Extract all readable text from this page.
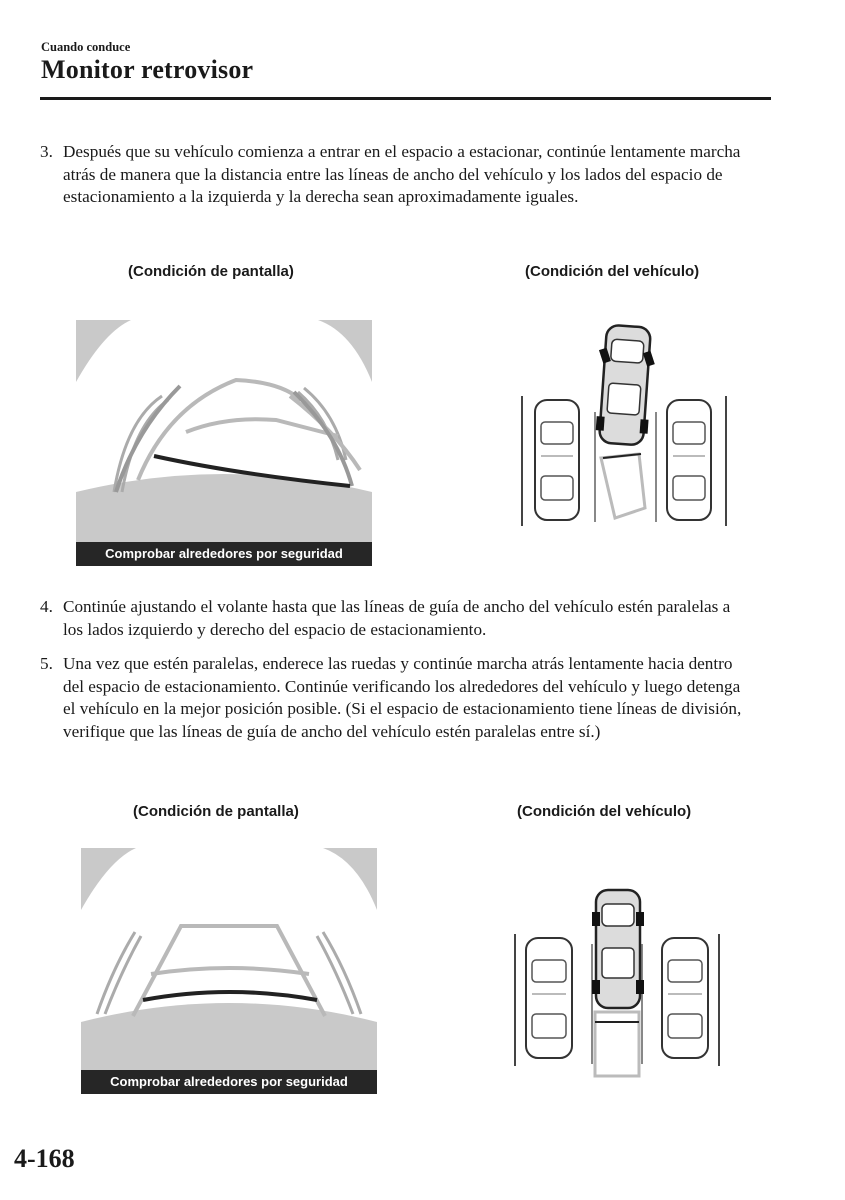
Cuando conduce
Monitor retrovisor
3. Después que su vehículo comienza a entrar en el espacio a estacionar, continúe lentamente marcha atrás de manera que la distancia entre las líneas de ancho del vehículo y los lados del espacio de estacionamiento a la izquierda y la derecha sean aproximadamente iguales.
(Condición de pantalla)	(Condición del vehículo)
Comprobar alrededores por seguridad
4. Continúe ajustando el volante hasta que las líneas de guía de ancho del vehículo estén paralelas a los lados izquierdo y derecho del espacio de estacionamiento.
5. Una vez que estén paralelas, enderece las ruedas y continúe marcha atrás lentamente hacia dentro del espacio de estacionamiento. Continúe verificando los alrededores del vehículo y luego detenga el vehículo en la mejor posición posible. (Si el espacio de estacionamiento tiene líneas de división, verifique que las líneas de guía de ancho del vehículo estén paralelas entre sí.)
(Condición de pantalla)	(Condición del vehículo)
Comprobar alrededores por seguridad
4-168
